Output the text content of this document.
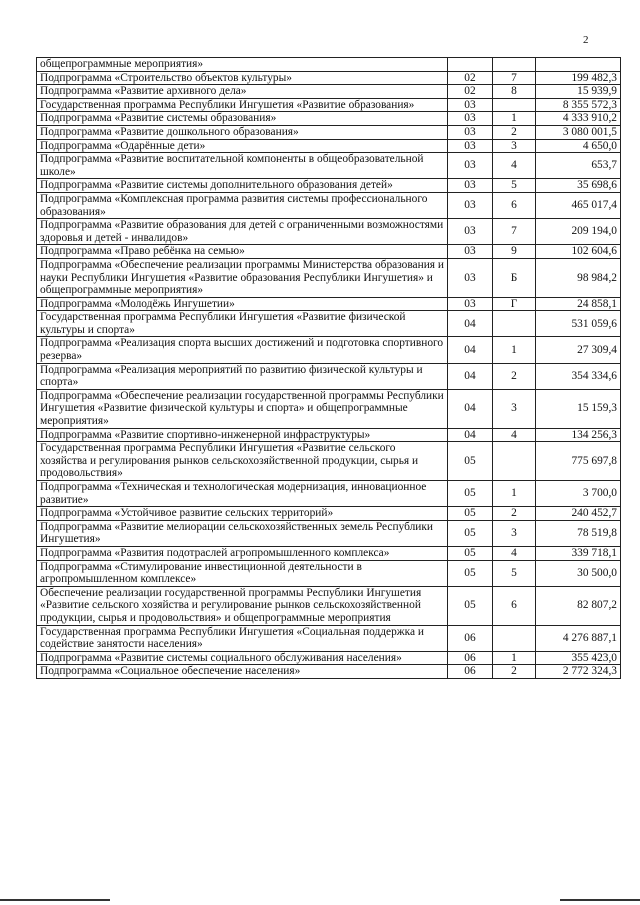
2
общепрограммные мероприятия»			
Подпрограмма «Строительство объектов культуры»	02	7	199 482,3
Подпрограмма «Развитие архивного дела»	02	8	15 939,9
Государственная программа Республики Ингушетия «Развитие образования»	03		8 355 572,3
Подпрограмма «Развитие системы образования»	03	1	4 333 910,2
Подпрограмма «Развитие дошкольного образования»	03	2	3 080 001,5
Подпрограмма «Одарённые дети»	03	3	4 650,0
Подпрограмма «Развитие воспитательной компоненты в общеобразовательной школе»	03	4	653,7
Подпрограмма «Развитие системы дополнительного образования детей»	03	5	35 698,6
Подпрограмма «Комплексная программа развития системы профессионального образования»	03	6	465 017,4
Подпрограмма «Развитие образования для детей с ограниченными возможностями здоровья и детей - инвалидов»	03	7	209 194,0
Подпрограмма «Право ребёнка на семью»	03	9	102 604,6
Подпрограмма «Обеспечение реализации программы Министерства образования и науки Республики Ингушетия «Развитие образования Республики Ингушетия» и общепрограммные мероприятия»	03	Б	98 984,2
Подпрограмма «Молодёжь Ингушетии»	03	Г	24 858,1
Государственная программа Республики Ингушетия «Развитие физической культуры и спорта»	04		531 059,6
Подпрограмма «Реализация спорта высших достижений и подготовка спортивного резерва»	04	1	27 309,4
Подпрограмма «Реализация мероприятий по развитию физической культуры и спорта»	04	2	354 334,6
Подпрограмма «Обеспечение реализации государственной программы Республики Ингушетия «Развитие физической культуры и спорта» и общепрограммные мероприятия»	04	3	15 159,3
Подпрограмма «Развитие спортивно-инженерной инфраструктуры»	04	4	134 256,3
Государственная программа Республики Ингушетия «Развитие сельского хозяйства и регулирования рынков сельскохозяйственной продукции, сырья и продовольствия»	05		775 697,8
Подпрограмма «Техническая и технологическая модернизация, инновационное развитие»	05	1	3 700,0
Подпрограмма «Устойчивое развитие сельских территорий»	05	2	240 452,7
Подпрограмма «Развитие мелиорации сельскохозяйственных земель Республики Ингушетия»	05	3	78 519,8
Подпрограмма «Развития подотраслей агропромышленного комплекса»	05	4	339 718,1
Подпрограмма «Стимулирование инвестиционной деятельности в агропромышленном комплексе»	05	5	30 500,0
Обеспечение реализации государственной программы Республики Ингушетия «Развитие сельского хозяйства и регулирование рынков сельскохозяйственной продукции, сырья и продовольствия» и общепрограммные мероприятия	05	6	82 807,2
Государственная программа Республики Ингушетия «Социальная поддержка и содействие занятости населения»	06		4 276 887,1
Подпрограмма «Развитие системы социального обслуживания населения»	06	1	355 423,0
Подпрограмма «Социальное обеспечение населения»	06	2	2 772 324,3
